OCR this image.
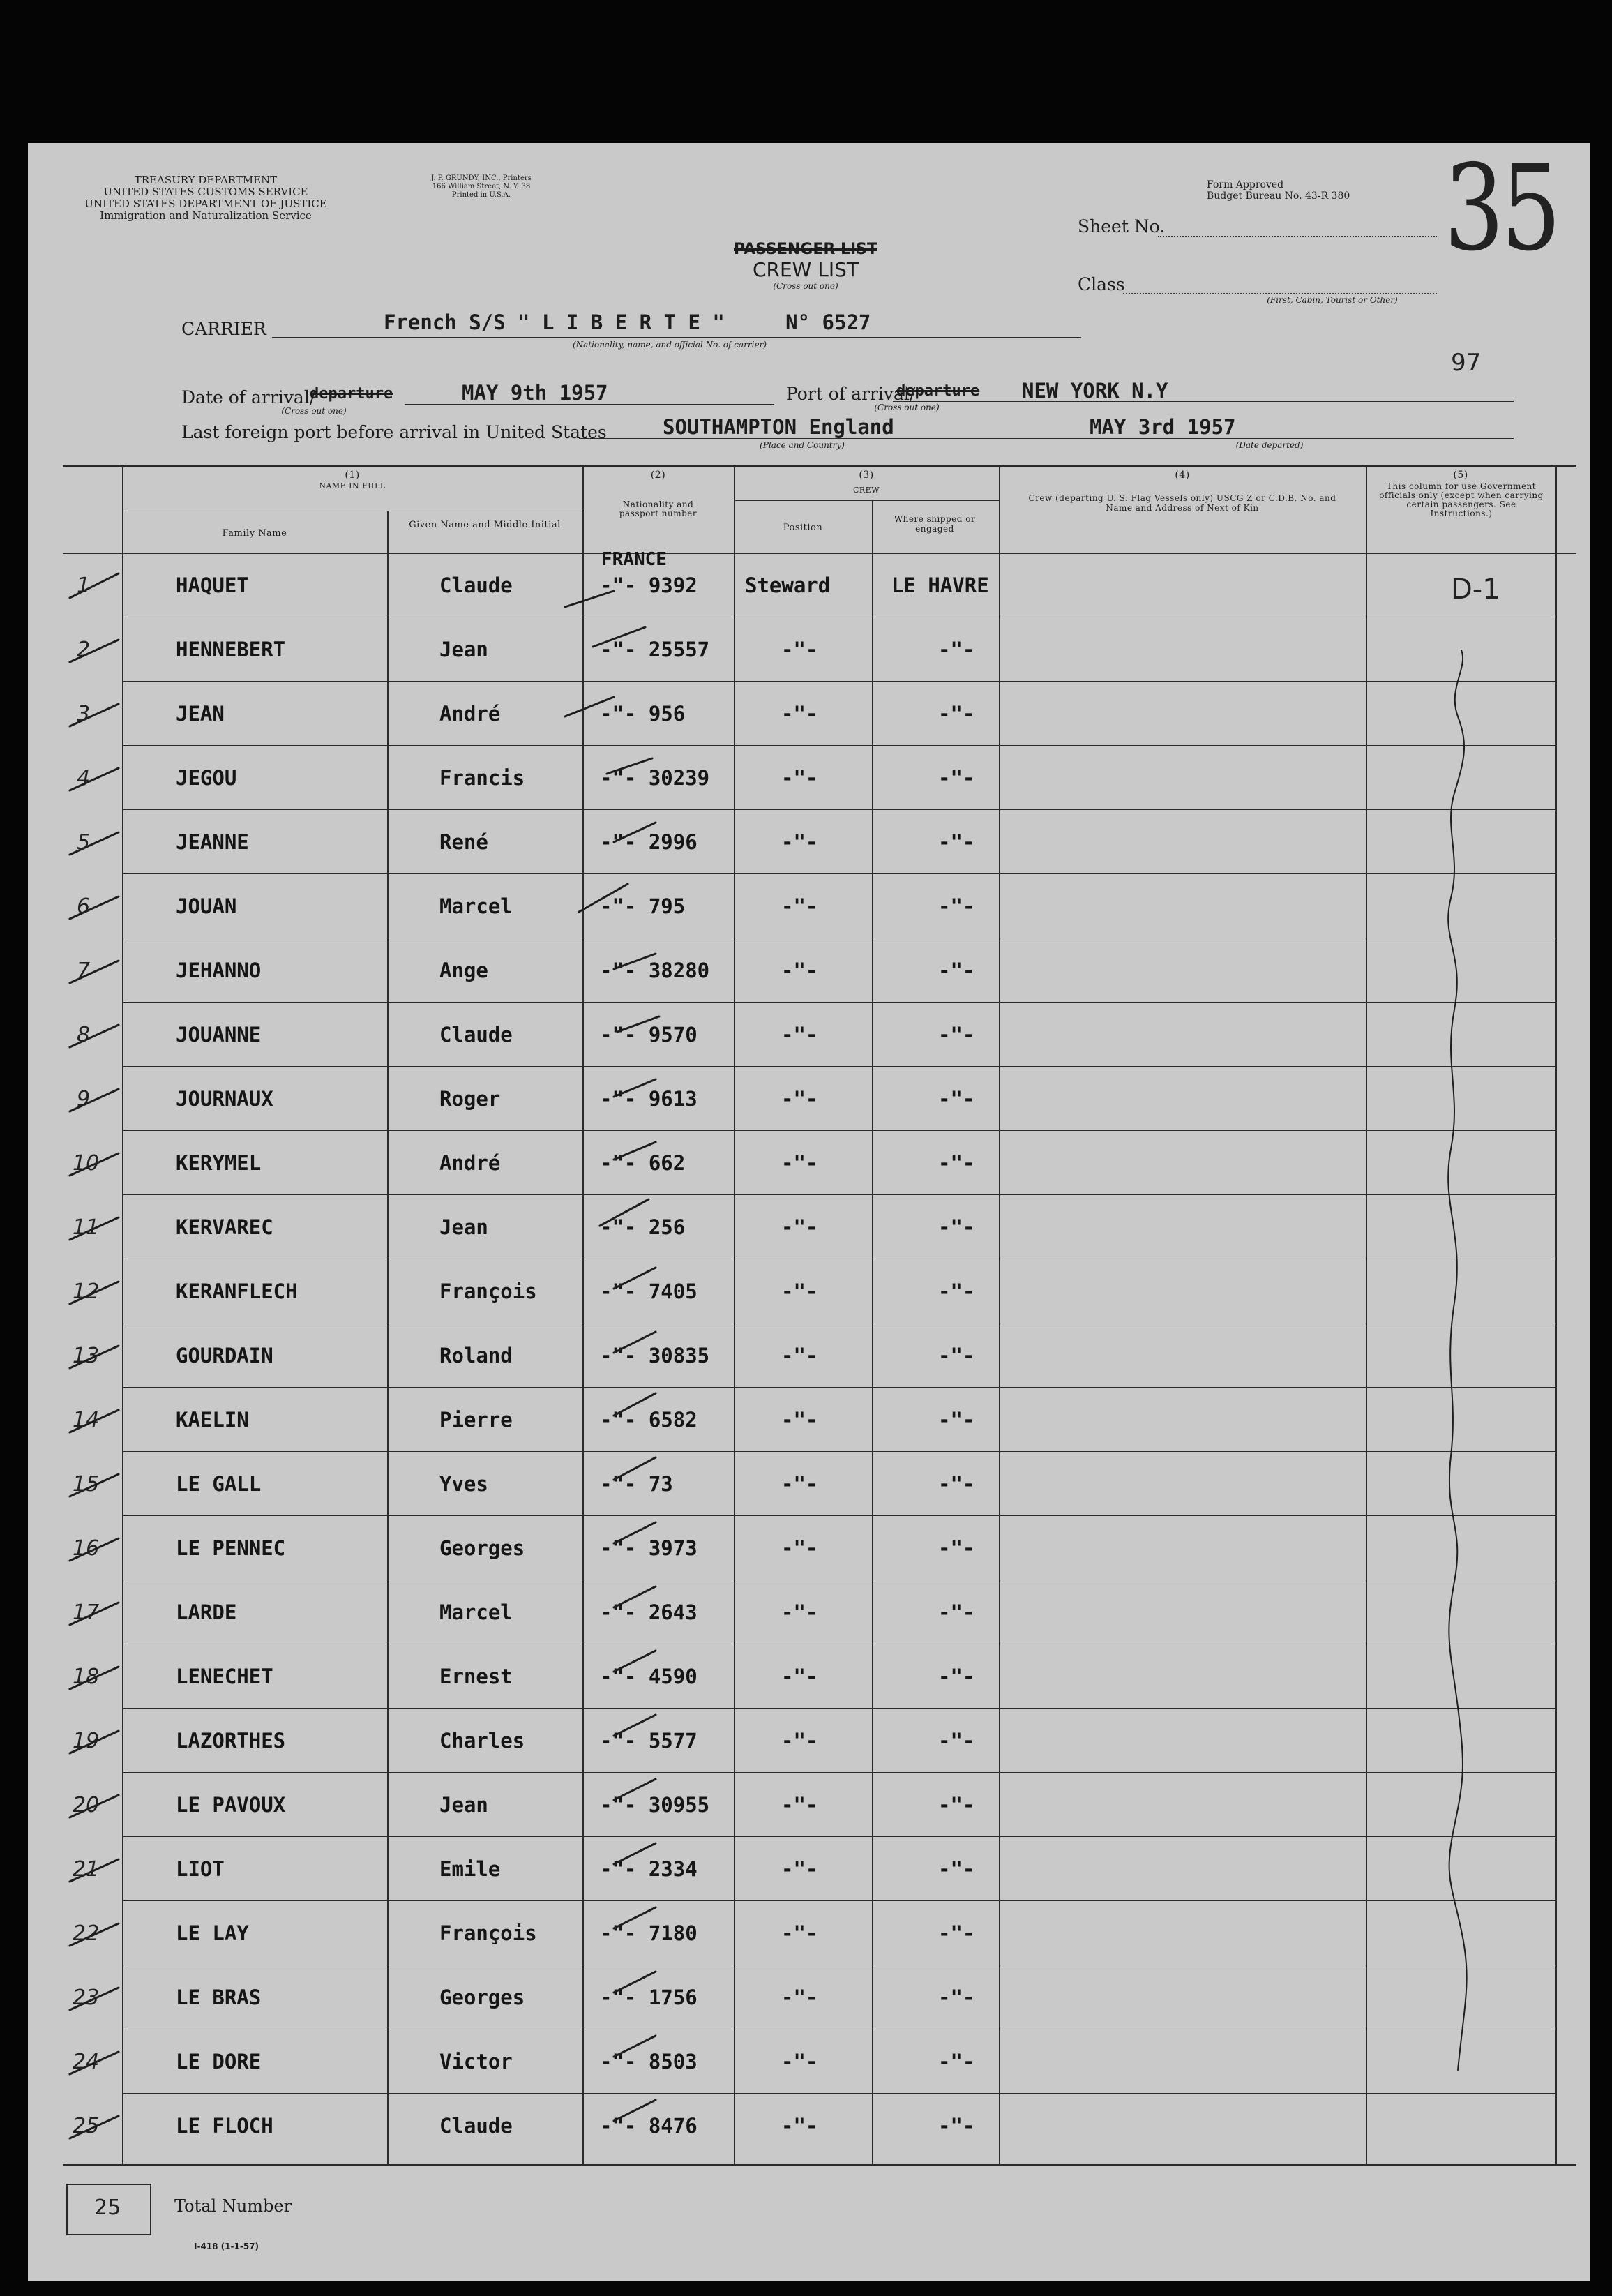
TREASURY DEPARTMENT
UNITED STATES CUSTOMS SERVICE
UNITED STATES DEPARTMENT OF JUSTICE
Immigration and Naturalization Service
J. P. GRUNDY, INC., Printers
166 William Street, N. Y. 38
Printed in U.S.A.
Form Approved
Budget Bureau No. 43-R 380 35
Sheet No.
PASSENGER LIST
CREW LIST
(Cross out one)	Class
(First, Cabin, Tourist or Other)
CARRIER	French S/S " L I B E R T E "     N° 6527
(Nationality, name, and official No. of carrier)
97
Date of arrival/
departure	MAY 9th 1957
(Cross out one)
Port of arrival/
departure NEW YORK N.Y
(Cross out one)
Last foreign port before arrival in United States	SOUTHAMPTON England
(Place and Country)
MAY 3rd 1957
(Date departed)
(1)
NAME IN FULL
Family Name
Given Name and Middle Initial
(2)
Nationality and passport number
(3)
CREW
Position
Where shipped or engaged
(4)
Crew (departing U. S. Flag Vessels only) USCG Z or C.D.B. No. and Name and Address of Next of Kin
(5)
This column for use Government officials only (except when carrying certain passengers. See Instructions.)
FRANCE
1	HAQUET	Claude	-"- 9392 Steward	LE HAVRE
2	HENNEBERT	Jean	-"- 25557	-"-	-"-
3	JEAN	André	-"- 956	-"-	-"-
4	JEGOU	Francis	-"- 30239	-"-	-"-
5	JEANNE	René	-"- 2996	-"-	-"-
6	JOUAN	Marcel	-"- 795	-"-	-"-
7	JEHANNO	Ange	-"- 38280	-"-	-"-
8	JOUANNE	Claude	-"- 9570	-"-	-"-
9	JOURNAUX	Roger	-"- 9613	-"-	-"-
10	KERYMEL	André	-"- 662	-"-	-"-
11	KERVAREC	Jean	-"- 256	-"-	-"-
12	KERANFLECH	François	-"- 7405	-"-	-"-
13	GOURDAIN	Roland	-"- 30835	-"-	-"-
14	KAELIN	Pierre	-"- 6582	-"-	-"-
15	LE GALL	Yves	-"- 73	-"-	-"-
16	LE PENNEC	Georges	-"- 3973	-"-	-"-
17	LARDE	Marcel	-"- 2643	-"-	-"-
18	LENECHET	Ernest	-"- 4590	-"-	-"-
19	LAZORTHES	Charles	-"- 5577	-"-	-"-
20	LE PAVOUX	Jean	-"- 30955	-"-	-"-
21	LIOT	Emile	-"- 2334	-"-	-"-
22	LE LAY	François	-"- 7180	-"-	-"-
23	LE BRAS	Georges	-"- 1756	-"-	-"-
24	LE DORE	Victor	-"- 8503	-"-	-"-
25	LE FLOCH	Claude	-"- 8476	-"-	-"-
D-1
25	Total Number
I-418 (1-1-57)
